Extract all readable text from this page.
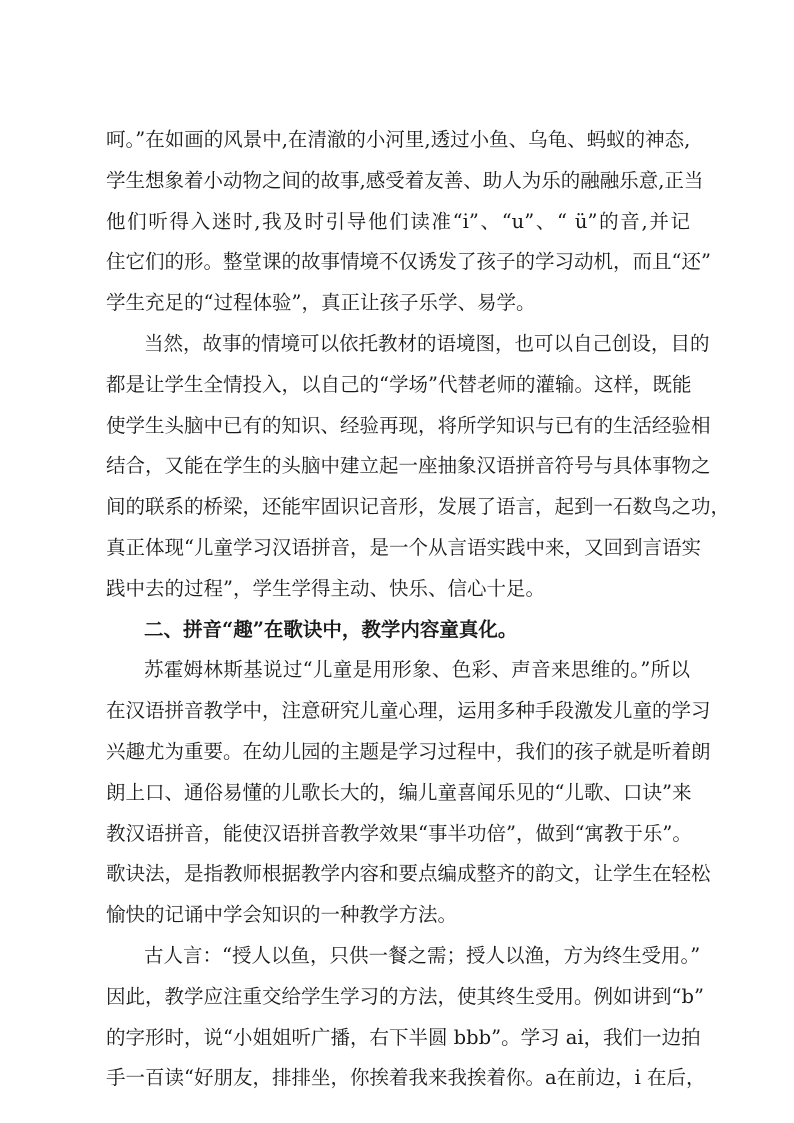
呵。”在如画的风景中,在清澈的小河里,透过小鱼、乌龟、蚂蚁的神态,
学生想象着小动物之间的故事,感受着友善、助人为乐的融融乐意,正当
他们听得入迷时,我及时引导他们读准“i”、“u”、“ ü”的音,并记
住它们的形。整堂课的故事情境不仅诱发了孩子的学习动机，而且“还”
学生充足的“过程体验”，真正让孩子乐学、易学。
当然，故事的情境可以依托教材的语境图，也可以自己创设，目的
都是让学生全情投入，以自己的“学场”代替老师的灌输。这样，既能
使学生头脑中已有的知识、经验再现，将所学知识与已有的生活经验相
结合，又能在学生的头脑中建立起一座抽象汉语拼音符号与具体事物之
间的联系的桥梁，还能牢固识记音形，发展了语言，起到一石数鸟之功，
真正体现“儿童学习汉语拼音，是一个从言语实践中来，又回到言语实
践中去的过程”，学生学得主动、快乐、信心十足。
二、拼音“趣”在歌诀中，教学内容童真化。
苏霍姆林斯基说过“儿童是用形象、色彩、声音来思维的。”所以
在汉语拼音教学中，注意研究儿童心理，运用多种手段激发儿童的学习
兴趣尤为重要。在幼儿园的主题是学习过程中，我们的孩子就是听着朗
朗上口、通俗易懂的儿歌长大的，编儿童喜闻乐见的“儿歌、口诀”来
教汉语拼音，能使汉语拼音教学效果“事半功倍”，做到“寓教于乐”。
歌诀法，是指教师根据教学内容和要点编成整齐的韵文，让学生在轻松
愉快的记诵中学会知识的一种教学方法。
古人言：“授人以鱼，只供一餐之需；授人以渔，方为终生受用。”
因此，教学应注重交给学生学习的方法，使其终生受用。例如讲到“b”
的字形时，说“小姐姐听广播，右下半圆 bbb”。学习 ai，我们一边拍
手一百读“好朋友，排排坐，你挨着我来我挨着你。a在前边，i 在后，
